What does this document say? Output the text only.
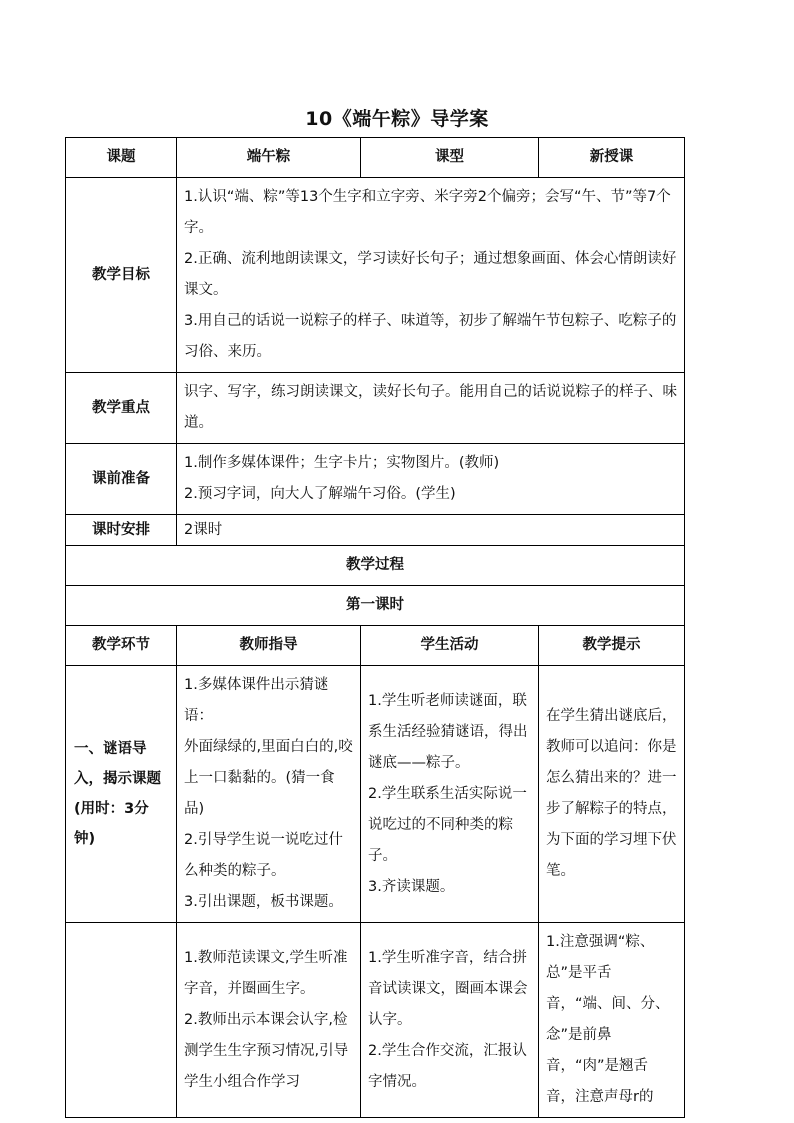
10《端午粽》导学案
课题	端午粽	课型	新授课
教学目标	1.认识“端、粽”等13个生字和立字旁、米字旁2个偏旁；会写“午、节”等7个字。
2.正确、流利地朗读课文，学习读好长句子；通过想象画面、体会心情朗读好课文。
3.用自己的话说一说粽子的样子、味道等，初步了解端午节包粽子、吃粽子的习俗、来历。		

教学重点	识字、写字，练习朗读课文，读好长句子。能用自己的话说说粽子的样子、味道。		
课前准备	1.制作多媒体课件；生字卡片；实物图片。(教师)
2.预习字词，向大人了解端午习俗。(学生)		

课时安排	2课时		
教学过程			
第一课时			
教学环节	教师指导	学生活动	教学提示
一、谜语导入，揭示课题(用时：3分钟)	1.多媒体课件出示猜谜语：
外面绿绿的,里面白白的,咬上一口黏黏的。(猜一食品)
2.引导学生说一说吃过什么种类的粽子。
3.引出课题，板书课题。	1.学生听老师读谜面，联系生活经验猜谜语，得出谜底——粽子。
2.学生联系生活实际说一说吃过的不同种类的粽子。
3.齐读课题。	在学生猜出谜底后，教师可以追问：你是怎么猜出来的？进一步了解粽子的特点，为下面的学习埋下伏笔。

	1.教师范读课文,学生听准字音，并圈画生字。
2.教师出示本课会认字,检测学生生字预习情况,引导学生小组合作学习	1.学生听准字音，结合拼音试读课文，圈画本课会认字。
2.学生合作交流，汇报认字情况。	1.注意强调“粽、总”是平舌音，“端、间、分、念”是前鼻音，“肉”是翘舌音，注意声母r的
